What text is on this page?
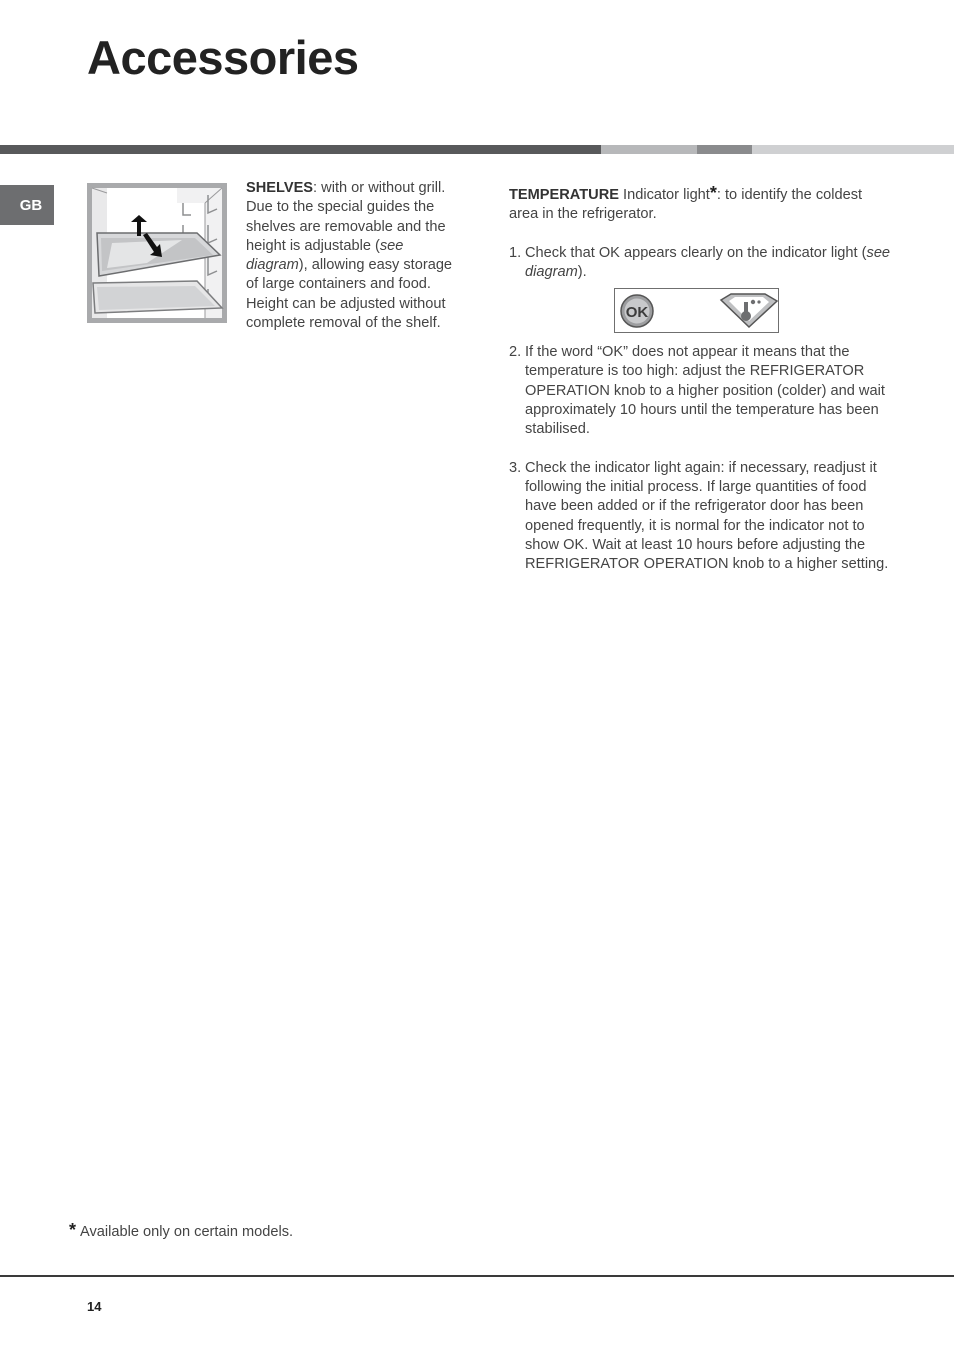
Accessories
GB

SHELVES: with or without grill. Due to the special guides the shelves are removable and the height is adjustable (see diagram), allowing easy storage of large containers and food. Height can be adjusted without complete removal of the shelf.

TEMPERATURE Indicator light*: to identify the coldest area in the refrigerator.

1. Check that OK appears clearly on the indicator light (see diagram).
OK
2. If the word “OK” does not appear it means that the temperature is too high: adjust the REFRIGERATOR OPERATION knob to a higher position (colder) and wait approximately 10 hours until the temperature has been stabilised.
3. Check the indicator light again: if necessary, readjust it following the initial process. If large quantities of food have been added or if the refrigerator door has been opened frequently, it is normal for the indicator not to show OK. Wait at least 10 hours before adjusting the REFRIGERATOR OPERATION knob to a higher setting.
* Available only on certain models.
14
